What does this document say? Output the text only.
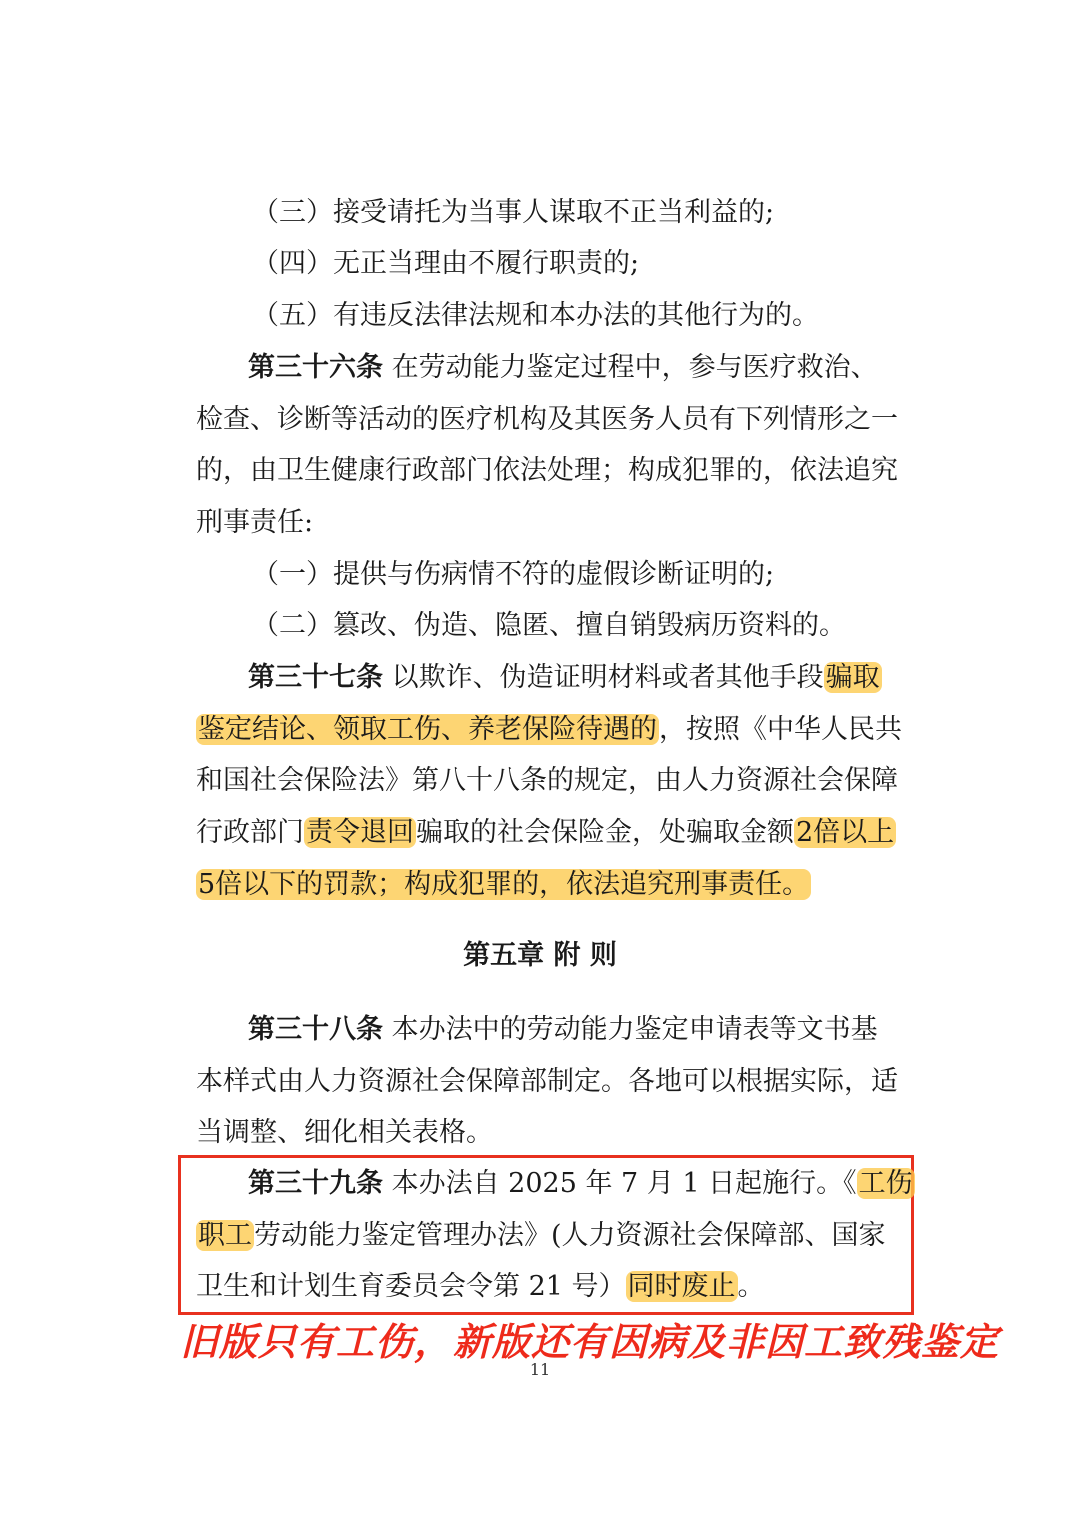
（三）接受请托为当事人谋取不正当利益的;
（四）无正当理由不履行职责的;
（五）有违反法律法规和本办法的其他行为的。
第三十六条 在劳动能力鉴定过程中，参与医疗救治、
检查、诊断等活动的医疗机构及其医务人员有下列情形之一
的，由卫生健康行政部门依法处理；构成犯罪的，依法追究
刑事责任:
（一）提供与伤病情不符的虚假诊断证明的;
（二）篡改、伪造、隐匿、擅自销毁病历资料的。
第三十七条 以欺诈、伪造证明材料或者其他手段骗取
鉴定结论、领取工伤、养老保险待遇的，按照《中华人民共
和国社会保险法》第八十八条的规定，由人力资源社会保障
行政部门责令退回骗取的社会保险金，处骗取金额2倍以上
5倍以下的罚款；构成犯罪的，依法追究刑事责任。
第五章 附 则
第三十八条 本办法中的劳动能力鉴定申请表等文书基
本样式由人力资源社会保障部制定。各地可以根据实际，适
当调整、细化相关表格。
第三十九条 本办法自 2025 年 7 月 1 日起施行。《工伤
职工劳动能力鉴定管理办法》(人力资源社会保障部、国家
卫生和计划生育委员会令第 21 号）同时废止。
旧版只有工伤，新版还有因病及非因工致残鉴定
11
